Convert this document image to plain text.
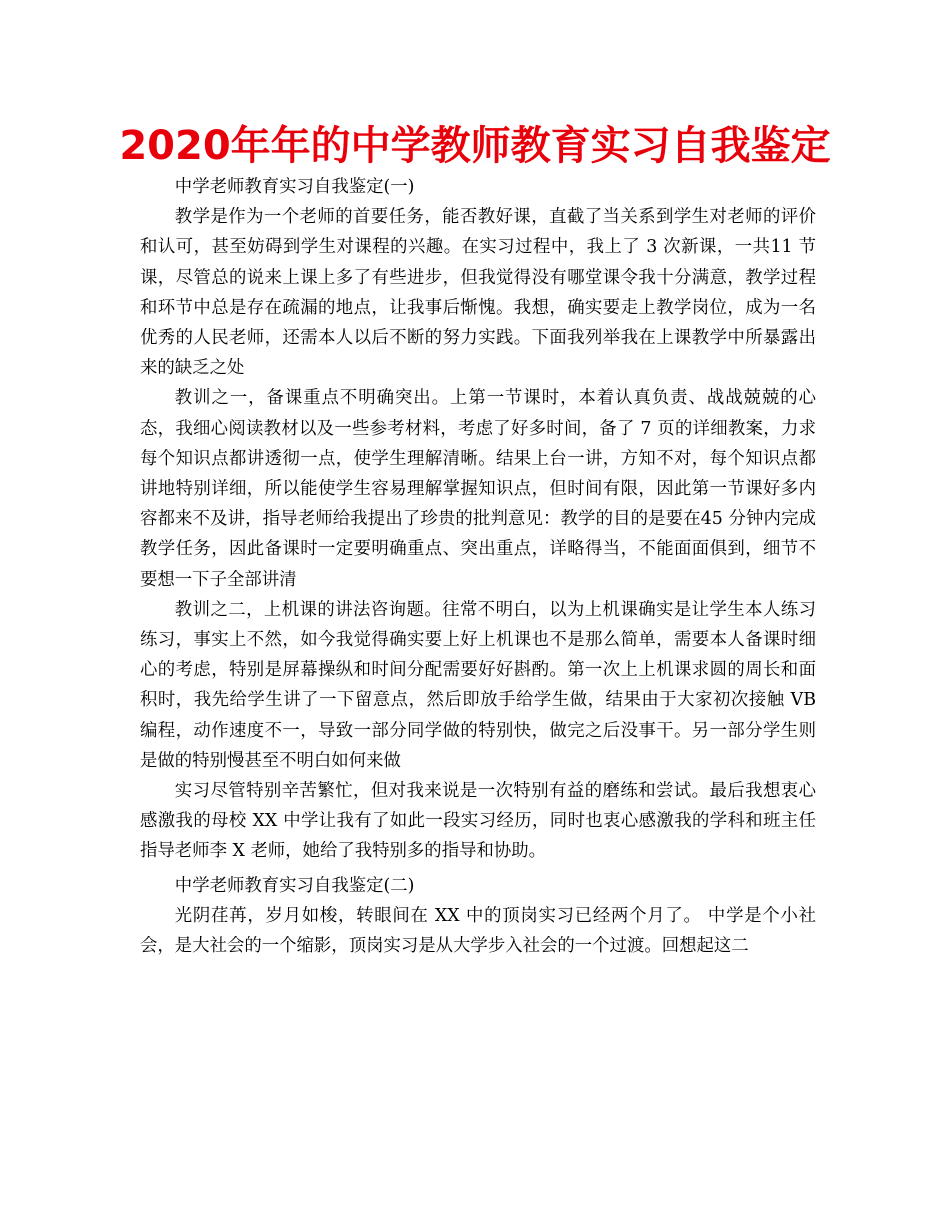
2020年年的中学教师教育实习自我鉴定

中学老师教育实习自我鉴定(一)

教学是作为一个老师的首要任务，能否教好课，直截了当关系到学生对老师的评价和认可，甚至妨碍到学生对课程的兴趣。在实习过程中，我上了 3 次新课，一共11 节课，尽管总的说来上课上多了有些进步，但我觉得没有哪堂课令我十分满意，教学过程和环节中总是存在疏漏的地点，让我事后惭愧。我想，确实要走上教学岗位，成为一名优秀的人民老师，还需本人以后不断的努力实践。下面我列举我在上课教学中所暴露出来的缺乏之处

教训之一，备课重点不明确突出。上第一节课时，本着认真负责、战战兢兢的心态，我细心阅读教材以及一些参考材料，考虑了好多时间，备了 7 页的详细教案，力求每个知识点都讲透彻一点，使学生理解清晰。结果上台一讲，方知不对，每个知识点都讲地特别详细，所以能使学生容易理解掌握知识点，但时间有限，因此第一节课好多内容都来不及讲，指导老师给我提出了珍贵的批判意见：教学的目的是要在45 分钟内完成教学任务，因此备课时一定要明确重点、突出重点，详略得当，不能面面俱到，细节不要想一下子全部讲清

教训之二，上机课的讲法咨询题。往常不明白，以为上机课确实是让学生本人练习练习，事实上不然，如今我觉得确实要上好上机课也不是那么简单，需要本人备课时细心的考虑，特别是屏幕操纵和时间分配需要好好斟酌。第一次上上机课求圆的周长和面积时，我先给学生讲了一下留意点，然后即放手给学生做，结果由于大家初次接触 VB 编程，动作速度不一，导致一部分同学做的特别快，做完之后没事干。另一部分学生则是做的特别慢甚至不明白如何来做

实习尽管特别辛苦繁忙，但对我来说是一次特别有益的磨练和尝试。最后我想衷心感激我的母校 XX 中学让我有了如此一段实习经历，同时也衷心感激我的学科和班主任指导老师李 X 老师，她给了我特别多的指导和协助。

中学老师教育实习自我鉴定(二)

光阴荏苒，岁月如梭，转眼间在 XX 中的顶岗实习已经两个月了。 中学是个小社会，是大社会的一个缩影，顶岗实习是从大学步入社会的一个过渡。回想起这二
